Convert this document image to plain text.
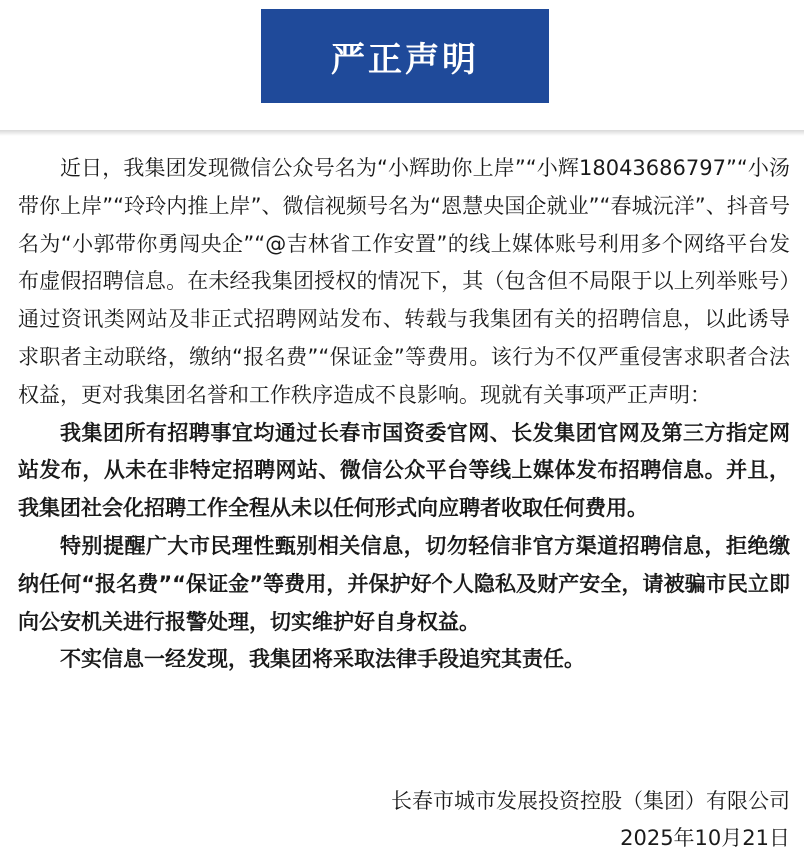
严正声明

近日，我集团发现微信公众号名为“小辉助你上岸”“小辉18043686797”“小汤带你上岸”“玲玲内推上岸”、微信视频号名为“恩慧央国企就业”“春城沅洋”、抖音号名为“小郭带你勇闯央企”“@吉林省工作安置”的线上媒体账号利用多个网络平台发布虚假招聘信息。在未经我集团授权的情况下，其（包含但不局限于以上列举账号）通过资讯类网站及非正式招聘网站发布、转载与我集团有关的招聘信息，以此诱导求职者主动联络，缴纳“报名费”“保证金”等费用。该行为不仅严重侵害求职者合法权益，更对我集团名誉和工作秩序造成不良影响。现就有关事项严正声明：

我集团所有招聘事宜均通过长春市国资委官网、长发集团官网及第三方指定网站发布，从未在非特定招聘网站、微信公众平台等线上媒体发布招聘信息。并且，我集团社会化招聘工作全程从未以任何形式向应聘者收取任何费用。

特别提醒广大市民理性甄别相关信息，切勿轻信非官方渠道招聘信息，拒绝缴纳任何“报名费”“保证金”等费用，并保护好个人隐私及财产安全，请被骗市民立即向公安机关进行报警处理，切实维护好自身权益。

不实信息一经发现，我集团将采取法律手段追究其责任。

长春市城市发展投资控股（集团）有限公司
2025年10月21日
